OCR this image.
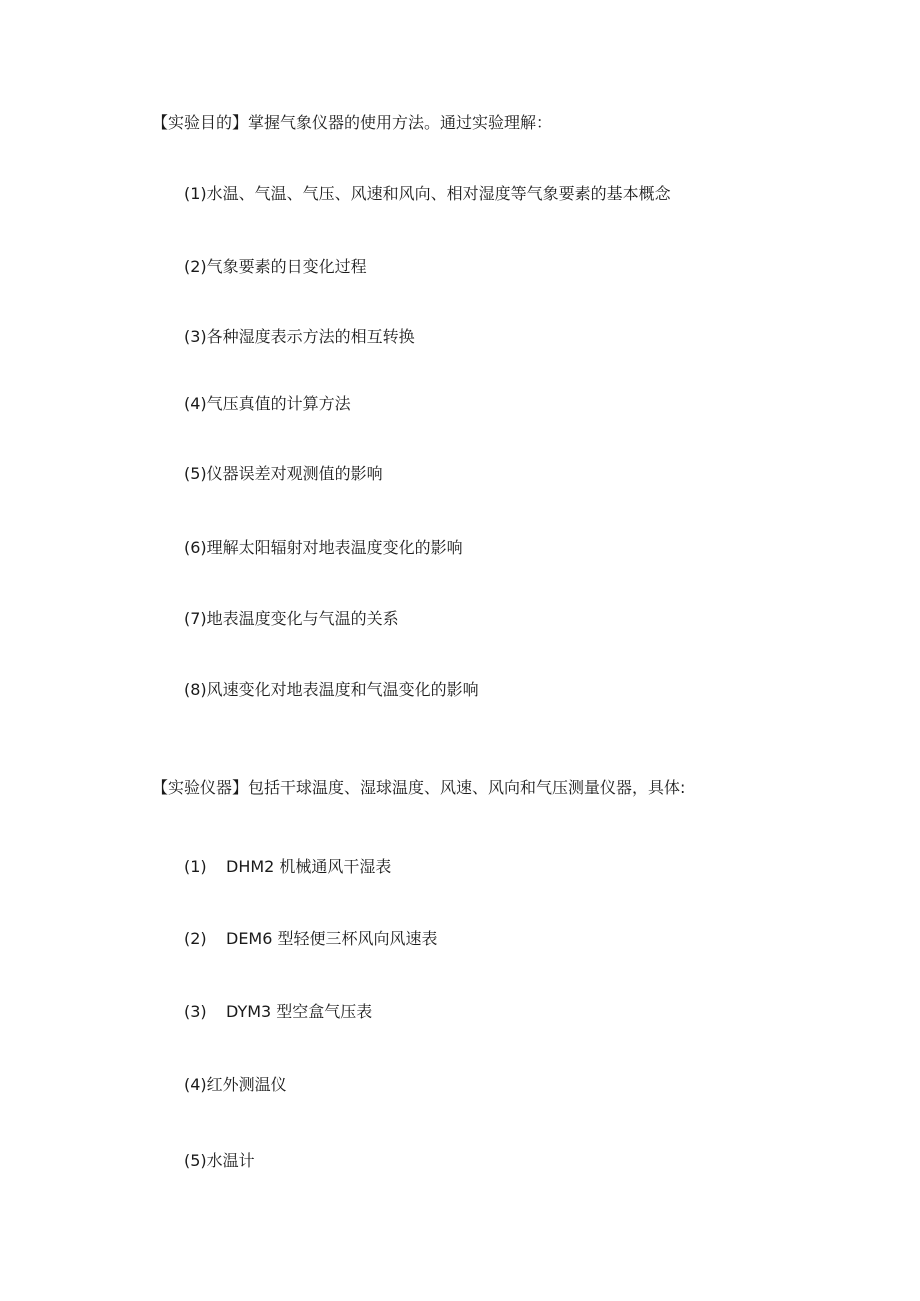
【实验目的】掌握气象仪器的使用方法。通过实验理解：
(1)水温、气温、气压、风速和风向、相对湿度等气象要素的基本概念
(2)气象要素的日变化过程
(3)各种湿度表示方法的相互转换
(4)气压真值的计算方法
(5)仪器误差对观测值的影响
(6)理解太阳辐射对地表温度变化的影响
(7)地表温度变化与气温的关系
(8)风速变化对地表温度和气温变化的影响
【实验仪器】包括干球温度、湿球温度、风速、风向和气压测量仪器，具体:
(1) DHM2 机械通风干湿表
(2) DEM6 型轻便三杯风向风速表
(3) DYM3 型空盒气压表
(4)红外测温仪
(5)水温计
